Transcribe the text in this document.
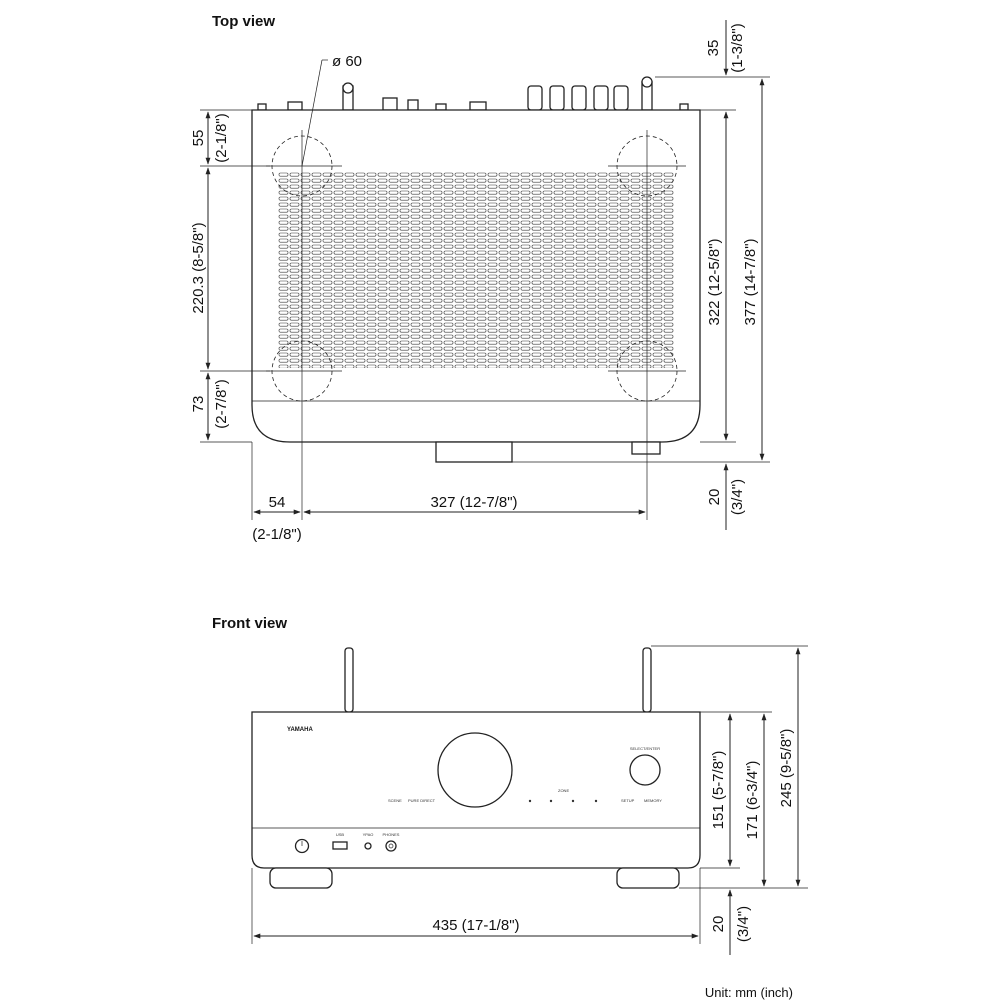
Top view
ø 60
55 (2-1/8")
220.3 (8-5/8")
73 (2-7/8")
54
(2-1/8")
327 (12-7/8")
35 (1-3/8")
322 (12-5/8") 377 (14-7/8")
20 (3/4")
Front view
YAMAHA
SELECT/ENTER
SCENE PURE DIRECT
ZONE
SETUP MEMORY
USB	YPAO PHONES
435 (17-1/8")
151 (5-7/8") 171 (6-3/4") 245 (9-5/8")
20 (3/4")
Unit: mm (inch)
